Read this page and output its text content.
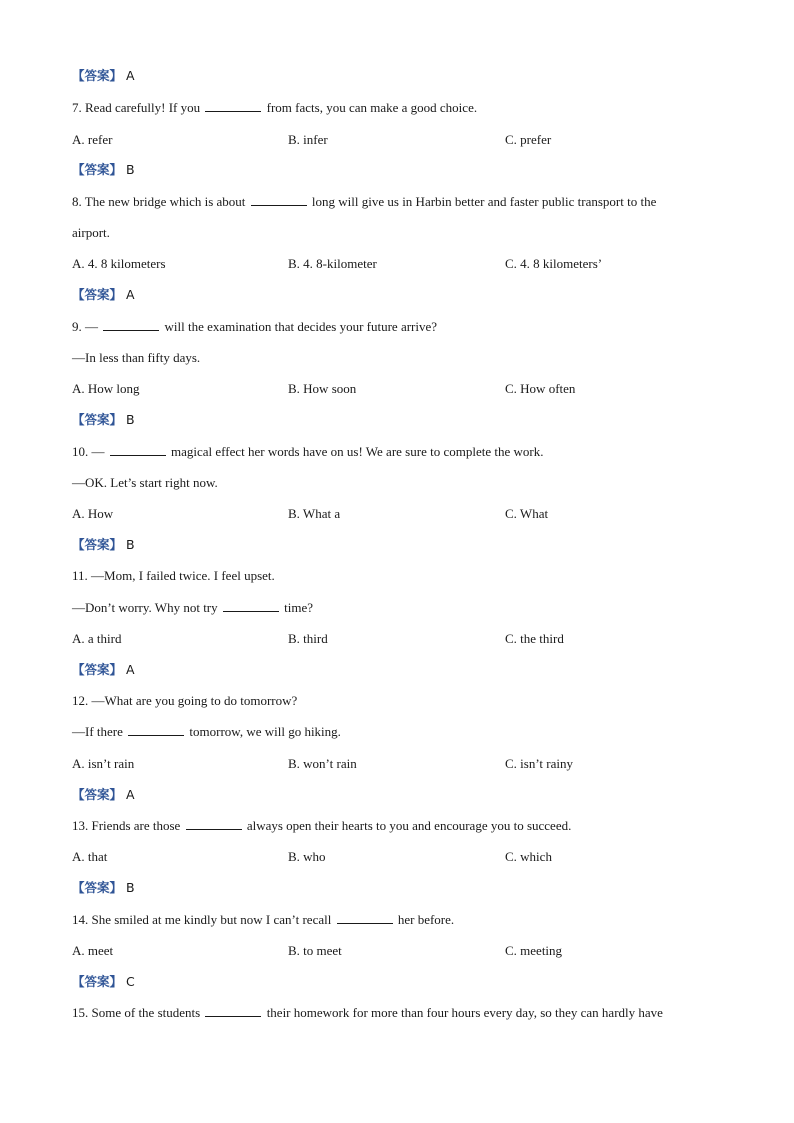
【答案】 A
7. Read carefully! If you	from facts, you can make a good choice.
A. refer	B. infer	C. prefer
【答案】 B
8. The new bridge which is about	long will give us in Harbin better and faster public transport to the
airport.
A. 4. 8 kilometers	B. 4. 8-kilometer	C. 4. 8 kilometers’
【答案】 A
9. —	will the examination that decides your future arrive?
—In less than fifty days.
A. How long	B. How soon	C. How often
【答案】 B
10. —	magical effect her words have on us! We are sure to complete the work.
—OK. Let’s start right now.
A. How	B. What a	C. What
【答案】 B
11. —Mom, I failed twice. I feel upset.
—Don’t worry. Why not try	time?
A. a third	B. third	C. the third
【答案】 A
12. —What are you going to do tomorrow?
—If there	tomorrow, we will go hiking.
A. isn’t rain	B. won’t rain	C. isn’t rainy
【答案】 A
13. Friends are those	always open their hearts to you and encourage you to succeed.
A. that	B. who	C. which
【答案】 B
14. She smiled at me kindly but now I can’t recall	her before.
A. meet	B. to meet	C. meeting
【答案】 C
15. Some of the students	their homework for more than four hours every day, so they can hardly have
